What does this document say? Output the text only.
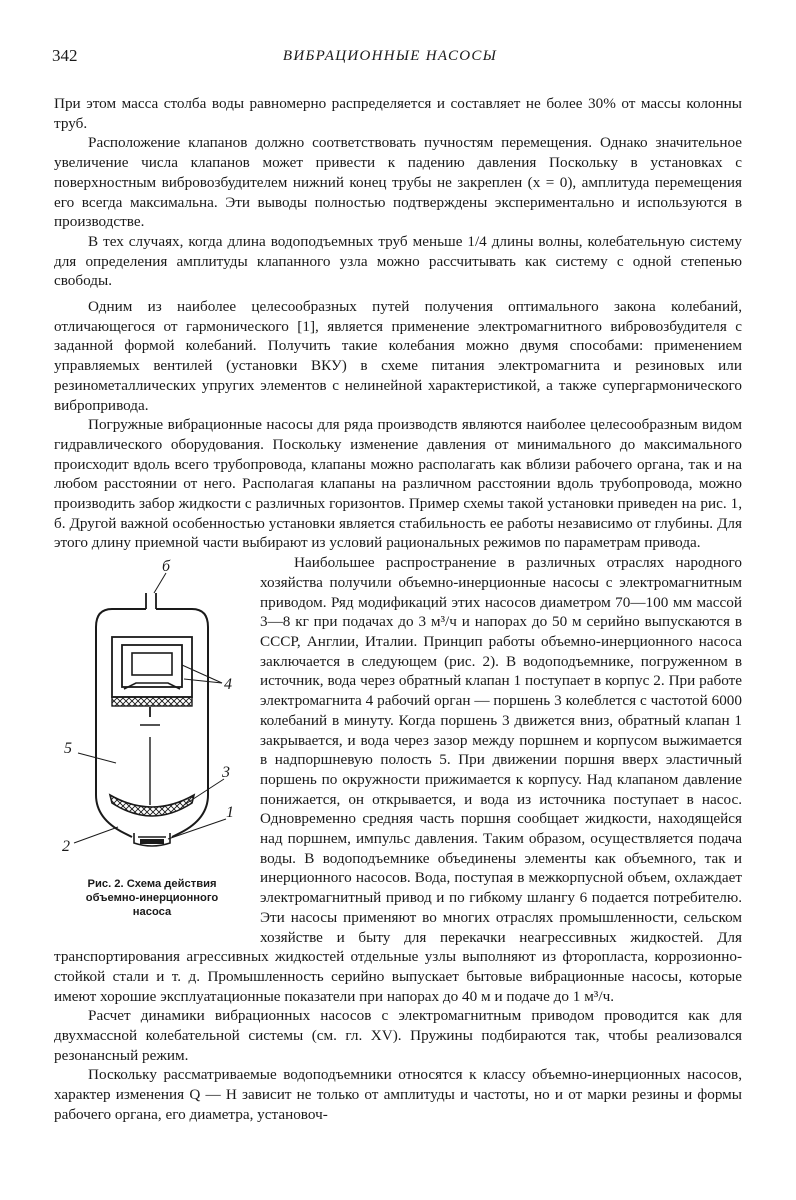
342	ВИБРАЦИОННЫЕ НАСОСЫ

При этом масса столба воды равномерно распределяется и составляет не более 30% от массы колонны труб.

Расположение клапанов должно соответствовать пучностям перемещения. Однако значительное увеличение числа клапанов может привести к падению давления Поскольку в установках с поверхностным вибровозбудителем нижний конец трубы не закреплен (x = 0), амплитуда перемещения его всегда максимальна. Эти выводы полностью подтверждены экспериментально и используются в производстве.

В тех случаях, когда длина водоподъемных труб меньше 1/4 длины волны, колебательную систему для определения амплитуды клапанного узла можно рассчитывать как систему с одной степенью свободы.

Одним из наиболее целесообразных путей получения оптимального закона колебаний, отличающегося от гармонического [1], является применение электромагнитного вибровозбудителя с заданной формой колебаний. Получить такие колебания можно двумя способами: применением управляемых вентилей (установки ВКУ) в схеме питания электромагнита и резиновых или резинометаллических упругих элементов с нелинейной характеристикой, а также супергармонического вибропривода.

Погружные вибрационные насосы для ряда производств являются наиболее целесообразным видом гидравлического оборудования. Поскольку изменение давления от минимального до максимального происходит вдоль всего трубопровода, клапаны можно располагать как вблизи рабочего органа, так и на любом расстоянии от него. Располагая клапаны на различном расстоянии вдоль трубопровода, можно производить забор жидкости с различных горизонтов. Пример схемы такой установки приведен на рис. 1, б. Другой важной особенностью установки является стабильность ее работы независимо от глубины. Для этого длину приемной части выбирают из условий рациональных режимов по параметрам привода.

б
4
5
3
1
2
Рис. 2. Схема действия
объемно-инерционного
насоса

Наибольшее распространение в различных отраслях народного хозяйства получили объемно-инерционные насосы с электромагнитным приводом. Ряд модификаций этих насосов диаметром 70—100 мм массой 3—8 кг при подачах до 3 м³/ч и напорах до 50 м серийно выпускаются в СССР, Англии, Италии. Принцип работы объемно-инерционного насоса заключается в следующем (рис. 2). В водоподъемнике, погруженном в источник, вода через обратный клапан 1 поступает в корпус 2. При работе электромагнита 4 рабочий орган — поршень 3 колеблется с частотой 6000 колебаний в минуту. Когда поршень 3 движется вниз, обратный клапан 1 закрывается, и вода через зазор между поршнем и корпусом выжимается в надпоршневую полость 5. При движении поршня вверх эластичный поршень по окружности прижимается к корпусу. Над клапаном давление понижается, он открывается, и вода из источника поступает в насос. Одновременно средняя часть поршня сообщает жидкости, находящейся над поршнем, импульс давления. Таким образом, осуществляется подача воды. В водоподъемнике объединены элементы как объемного, так и инерционного насосов. Вода, поступая в межкорпусной объем, охлаждает электромагнитный привод и по гибкому шлангу 6 подается потребителю. Эти насосы применяют во многих отраслях промышленности, сельском хозяйстве и быту для перекачки неагрессивных жидкостей. Для транспортирования агрессивных жидкостей отдельные узлы выполняют из фторопласта, коррозионно-стойкой стали и т. д. Промышленность серийно выпускает бытовые вибрационные насосы, которые имеют хорошие эксплуатационные показатели при напорах до 40 м и подаче до 1 м³/ч.

Расчет динамики вибрационных насосов с электромагнитным приводом проводится как для двухмассной колебательной системы (см. гл. XV). Пружины подбираются так, чтобы реализовался резонансный режим.

Поскольку рассматриваемые водоподъемники относятся к классу объемно-инерционных насосов, характер изменения Q — H зависит не только от амплитуды и частоты, но и от марки резины и формы рабочего органа, его диаметра, установоч-
